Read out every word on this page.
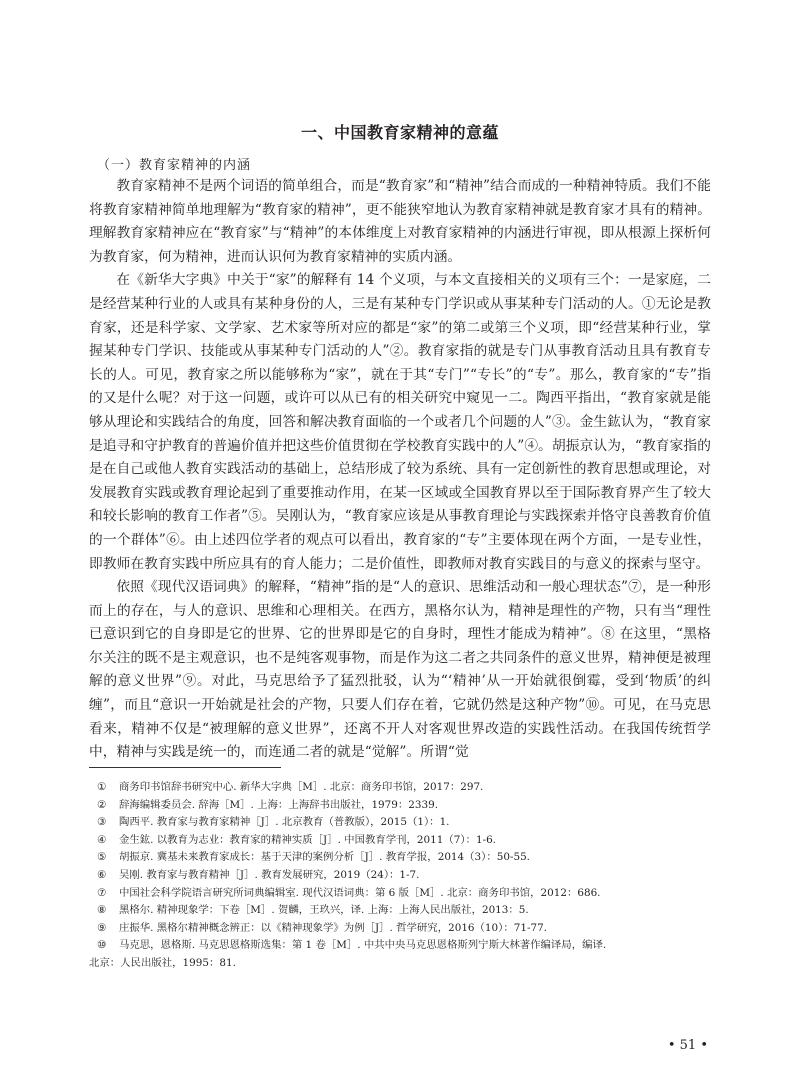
一、中国教育家精神的意蕴
（一）教育家精神的内涵

教育家精神不是两个词语的简单组合，而是“教育家”和“精神”结合而成的一种精神特质。我们不能将教育家精神简单地理解为“教育家的精神”，更不能狭窄地认为教育家精神就是教育家才具有的精神。理解教育家精神应在“教育家”与“精神”的本体维度上对教育家精神的内涵进行审视，即从根源上探析何为教育家，何为精神，进而认识何为教育家精神的实质内涵。

在《新华大字典》中关于“家”的解释有 14 个义项，与本文直接相关的义项有三个：一是家庭，二是经营某种行业的人或具有某种身份的人，三是有某种专门学识或从事某种专门活动的人。①无论是教育家，还是科学家、文学家、艺术家等所对应的都是“家”的第二或第三个义项，即“经营某种行业，掌握某种专门学识、技能或从事某种专门活动的人”②。教育家指的就是专门从事教育活动且具有教育专长的人。可见，教育家之所以能够称为“家”，就在于其“专门”“专长”的“专”。那么，教育家的“专”指的又是什么呢？对于这一问题，或许可以从已有的相关研究中窥见一二。陶西平指出，“教育家就是能够从理论和实践结合的角度，回答和解决教育面临的一个或者几个问题的人”③。金生鈜认为，“教育家是追寻和守护教育的普遍价值并把这些价值贯彻在学校教育实践中的人”④。胡振京认为，“教育家指的是在自己或他人教育实践活动的基础上，总结形成了较为系统、具有一定创新性的教育思想或理论，对发展教育实践或教育理论起到了重要推动作用，在某一区域或全国教育界以至于国际教育界产生了较大和较长影响的教育工作者”⑤。吴刚认为，“教育家应该是从事教育理论与实践探索并恪守良善教育价值的一个群体”⑥。由上述四位学者的观点可以看出，教育家的“专”主要体现在两个方面，一是专业性，即教师在教育实践中所应具有的育人能力；二是价值性，即教师对教育实践目的与意义的探索与坚守。

依照《现代汉语词典》的解释，“精神”指的是“人的意识、思维活动和一般心理状态”⑦，是一种形而上的存在，与人的意识、思维和心理相关。在西方，黑格尔认为，精神是理性的产物，只有当“理性已意识到它的自身即是它的世界、它的世界即是它的自身时，理性才能成为精神”。⑧ 在这里，“黑格尔关注的既不是主观意识，也不是纯客观事物，而是作为这二者之共同条件的意义世界，精神便是被理解的意义世界”⑨。对此，马克思给予了猛烈批驳，认为“‘精神’从一开始就很倒霉，受到‘物质’的纠缠”，而且“意识一开始就是社会的产物，只要人们存在着，它就仍然是这种产物”⑩。可见，在马克思看来，精神不仅是“被理解的意义世界”，还离不开人对客观世界改造的实践性活动。在我国传统哲学中，精神与实践是统一的，而连通二者的就是“觉解”。所谓“觉

① 商务印书馆辞书研究中心. 新华大字典［M］. 北京：商务印书馆，2017：297.

② 辞海编辑委员会. 辞海［M］. 上海：上海辞书出版社，1979：2339.

③ 陶西平. 教育家与教育家精神［J］. 北京教育（普教版），2015（1）：1.

④ 金生鈜. 以教育为志业：教育家的精神实质［J］. 中国教育学刊，2011（7）：1-6.

⑤ 胡振京. 冀基未来教育家成长：基于天津的案例分析［J］. 教育学报，2014（3）：50-55.

⑥ 吴刚. 教育家与教育精神［J］. 教育发展研究，2019（24）：1-7.

⑦ 中国社会科学院语言研究所词典编辑室. 现代汉语词典：第 6 版［M］. 北京：商务印书馆，2012：686.

⑧ 黑格尔. 精神现象学：下卷［M］. 贺麟，王玖兴，译. 上海：上海人民出版社，2013：5.

⑨ 庄振华. 黑格尔精神概念辨正：以《精神现象学》为例［J］. 哲学研究，2016（10）：71-77.

⑩ 马克思，恩格斯. 马克思恩格斯选集：第 1 卷［M］. 中共中央马克思恩格斯列宁斯大林著作编译局，编译.

北京：人民出版社，1995：81.

• 51 •
